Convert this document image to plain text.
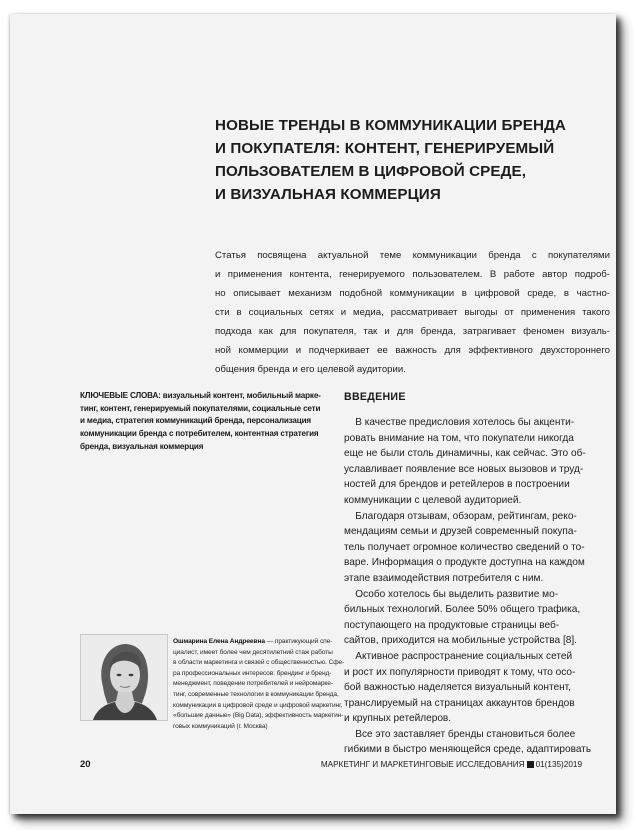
НОВЫЕ ТРЕНДЫ В КОММУНИКАЦИИ БРЕНДА
И ПОКУПАТЕЛЯ: КОНТЕНТ, ГЕНЕРИРУЕМЫЙ
ПОЛЬЗОВАТЕЛЕМ В ЦИФРОВОЙ СРЕДЕ,
И ВИЗУАЛЬНАЯ КОММЕРЦИЯ
Статья посвящена актуальной теме коммуникации бренда с покупателями
и применения контента, генерируемого пользователем. В работе автор подроб-
но описывает механизм подобной коммуникации в цифровой среде, в частно-
сти в социальных сетях и медиа, рассматривает выгоды от применения такого
подхода как для покупателя, так и для бренда, затрагивает феномен визуаль-
ной коммерции и подчеркивает ее важность для эффективного двухстороннего
общения бренда и его целевой аудитории.
КЛЮЧЕВЫЕ СЛОВА: визуальный контент, мобильный марке-
тинг, контент, генерируемый покупателями, социальные сети
и медиа, стратегия коммуникаций бренда, персонализация
коммуникации бренда с потребителем, контентная стратегия
бренда, визуальная коммерция
ВВЕДЕНИЕ
В качестве предисловия хотелось бы акценти-
ровать внимание на том, что покупатели никогда
еще не были столь динамичны, как сейчас. Это об-
уславливает появление все новых вызовов и труд-
ностей для брендов и ретейлеров в построении
коммуникации с целевой аудиторией.
Благодаря отзывам, обзорам, рейтингам, реко-
мендациям семьи и друзей современный покупа-
тель получает огромное количество сведений о то-
варе. Информация о продукте доступна на каждом
этапе взаимодействия потребителя с ним.
Особо хотелось бы выделить развитие мо-
бильных технологий. Более 50% общего трафика,
поступающего на продуктовые страницы веб-
сайтов, приходится на мобильные устройства [8].
Активное распространение социальных сетей
и рост их популярности приводят к тому, что осо-
бой важностью наделяется визуальный контент,
транслируемый на страницах аккаунтов брендов
и крупных ретейлеров.
Все это заставляет бренды становиться более
гибкими в быстро меняющейся среде, адаптировать
Ошмарина Елена Андреевна — практикующий спе-
циалист, имеет более чем десятилетний стаж работы
в области маркетинга и связей с общественностью. Сфе-
ра профессиональных интересов: брендинг и бренд-
менеджмент, поведение потребителей и нейромарке-
тинг, современные технологии в коммуникации бренда,
коммуникации в цифровой среде и цифровой маркетинг,
«большие данные» (Big Data), эффективность маркетин-
говых коммуникаций (г. Москва)
20	МАРКЕТИНГ И МАРКЕТИНГОВЫЕ ИССЛЕДОВАНИЯ 01(135)2019
